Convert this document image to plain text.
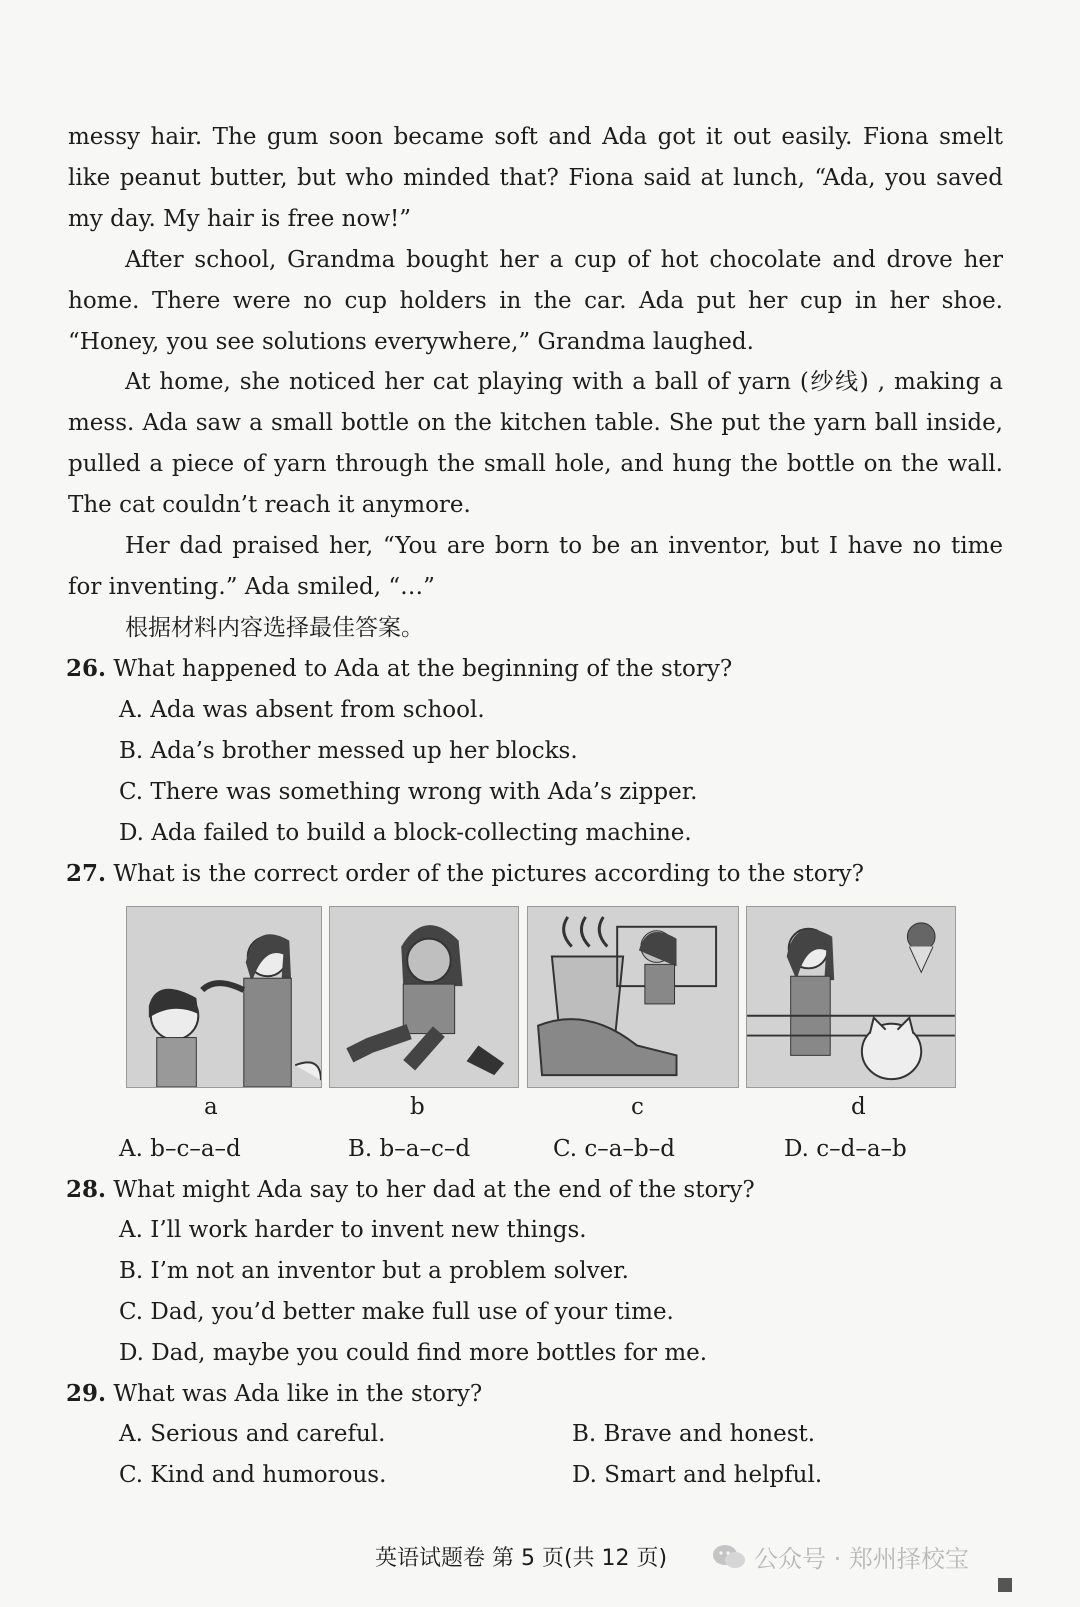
messy hair. The gum soon became soft and Ada got it out easily. Fiona smelt like peanut butter, but who minded that? Fiona said at lunch, “Ada, you saved my day. My hair is free now!”

After school, Grandma bought her a cup of hot chocolate and drove her home. There were no cup holders in the car. Ada put her cup in her shoe. “Honey, you see solutions everywhere,” Grandma laughed.

At home, she noticed her cat playing with a ball of yarn (纱线) , making a mess. Ada saw a small bottle on the kitchen table. She put the yarn ball inside, pulled a piece of yarn through the small hole, and hung the bottle on the wall. The cat couldn’t reach it anymore.

Her dad praised her, “You are born to be an inventor, but I have no time for inventing.” Ada smiled, “…”

根据材料内容选择最佳答案。
26. What happened to Ada at the beginning of the story?
A. Ada was absent from school.
B. Ada’s brother messed up her blocks.
C. There was something wrong with Ada’s zipper.
D. Ada failed to build a block-collecting machine.
27. What is the correct order of the pictures according to the story?
a	b	c	d
A. b–c–a–d	B. b–a–c–d	C. c–a–b–d	D. c–d–a–b
28. What might Ada say to her dad at the end of the story?
A. I’ll work harder to invent new things.
B. I’m not an inventor but a problem solver.
C. Dad, you’d better make full use of your time.
D. Dad, maybe you could find more bottles for me.
29. What was Ada like in the story?
A. Serious and careful.	B. Brave and honest.
C. Kind and humorous.	D. Smart and helpful.
英语试题卷 第 5 页(共 12 页)	公众号 · 郑州择校宝
